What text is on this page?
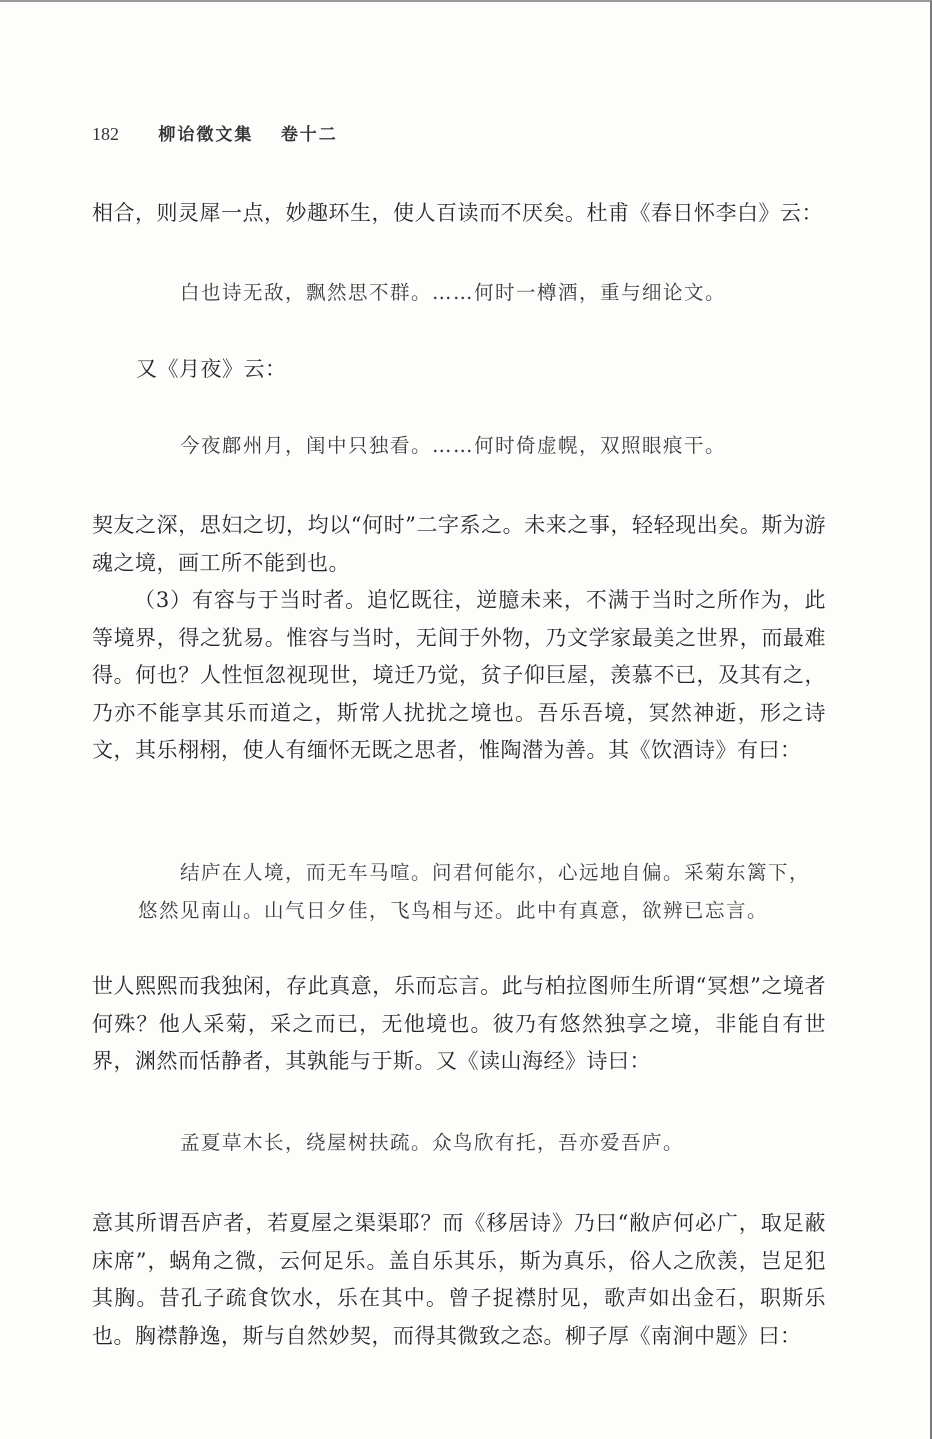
182 柳诒徵文集 卷十二

相合，则灵犀一点，妙趣环生，使人百读而不厌矣。杜甫《春日怀李白》云：

白也诗无敌，飘然思不群。……何时一樽酒，重与细论文。

又《月夜》云：

今夜鄜州月，闺中只独看。……何时倚虚幌，双照眼痕干。

契友之深，思妇之切，均以“何时”二字系之。未来之事，轻轻现出矣。斯为游魂之境，画工所不能到也。

（3）有容与于当时者。追忆既往，逆臆未来，不满于当时之所作为，此等境界，得之犹易。惟容与当时，无间于外物，乃文学家最美之世界，而最难得。何也？人性恒忽视现世，境迁乃觉，贫子仰巨屋，羡慕不已，及其有之，乃亦不能享其乐而道之，斯常人扰扰之境也。吾乐吾境，冥然神逝，形之诗文，其乐栩栩，使人有缅怀无既之思者，惟陶潜为善。其《饮酒诗》有曰：

结庐在人境，而无车马喧。问君何能尔，心远地自偏。采菊东篱下，悠然见南山。山气日夕佳，飞鸟相与还。此中有真意，欲辨已忘言。

世人熙熙而我独闲，存此真意，乐而忘言。此与柏拉图师生所谓“冥想”之境者何殊？他人采菊，采之而已，无他境也。彼乃有悠然独享之境，非能自有世界，渊然而恬静者，其孰能与于斯。又《读山海经》诗曰：

孟夏草木长，绕屋树扶疏。众鸟欣有托，吾亦爱吾庐。

意其所谓吾庐者，若夏屋之渠渠耶？而《移居诗》乃曰“敝庐何必广，取足蔽床席”，蜗角之微，云何足乐。盖自乐其乐，斯为真乐，俗人之欣羡，岂足犯其胸。昔孔子疏食饮水，乐在其中。曾子捉襟肘见，歌声如出金石，职斯乐也。胸襟静逸，斯与自然妙契，而得其微致之态。柳子厚《南涧中题》曰：
